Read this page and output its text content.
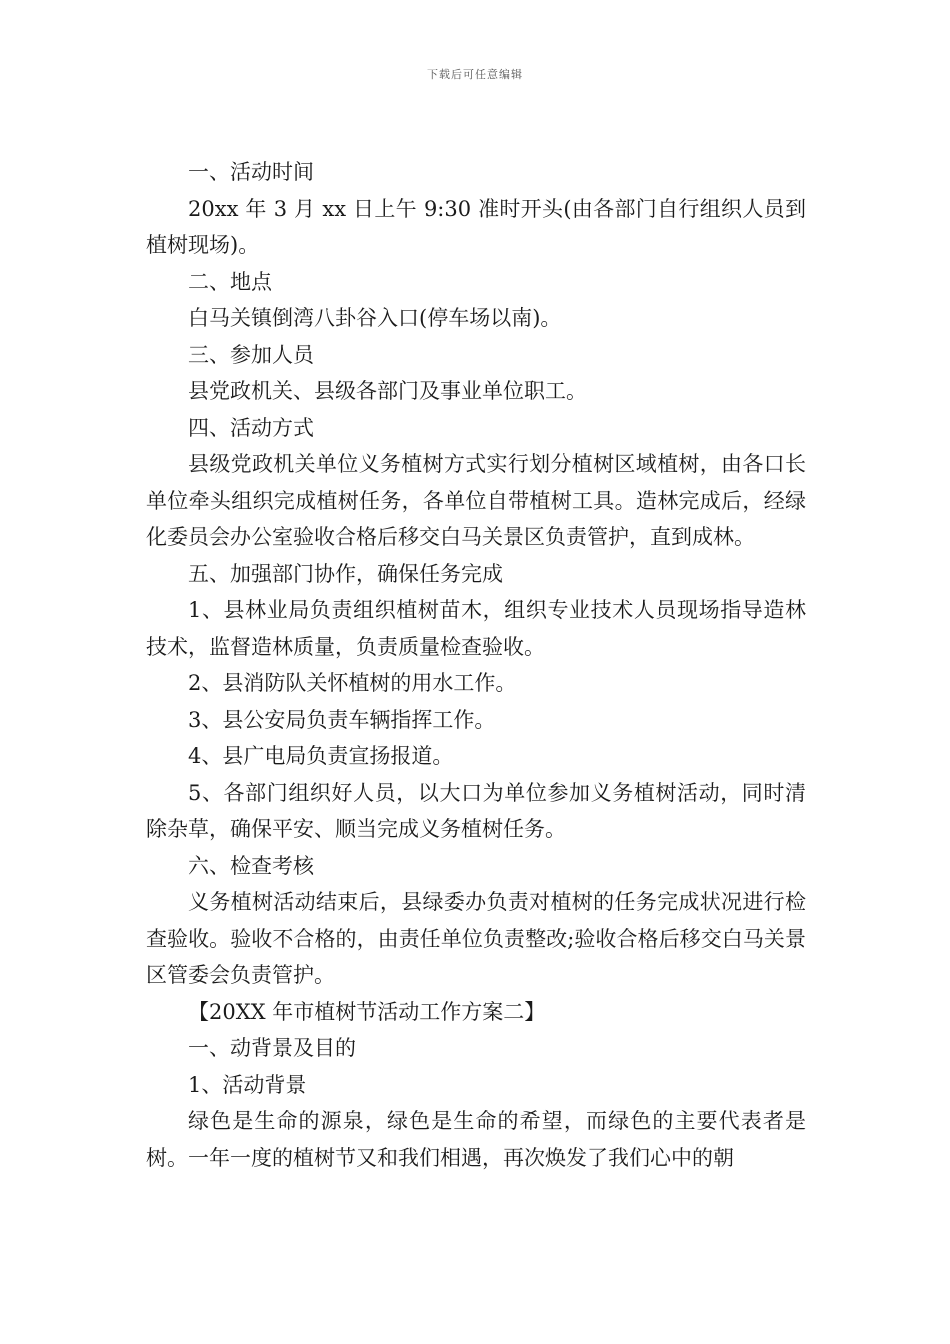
下载后可任意编辑

一、活动时间

20xx 年 3 月 xx 日上午 9:30 准时开头(由各部门自行组织人员到植树现场)。

二、地点

白马关镇倒湾八卦谷入口(停车场以南)。

三、参加人员

县党政机关、县级各部门及事业单位职工。

四、活动方式

县级党政机关单位义务植树方式实行划分植树区域植树，由各口长单位牵头组织完成植树任务，各单位自带植树工具。造林完成后，经绿化委员会办公室验收合格后移交白马关景区负责管护，直到成林。

五、加强部门协作，确保任务完成

1、县林业局负责组织植树苗木，组织专业技术人员现场指导造林技术，监督造林质量，负责质量检查验收。

2、县消防队关怀植树的用水工作。

3、县公安局负责车辆指挥工作。

4、县广电局负责宣扬报道。

5、各部门组织好人员，以大口为单位参加义务植树活动，同时清除杂草，确保平安、顺当完成义务植树任务。

六、检查考核

义务植树活动结束后，县绿委办负责对植树的任务完成状况进行检查验收。验收不合格的，由责任单位负责整改;验收合格后移交白马关景区管委会负责管护。

【20XX 年市植树节活动工作方案二】

一、动背景及目的

1、活动背景

绿色是生命的源泉，绿色是生命的希望，而绿色的主要代表者是树。一年一度的植树节又和我们相遇，再次焕发了我们心中的朝
